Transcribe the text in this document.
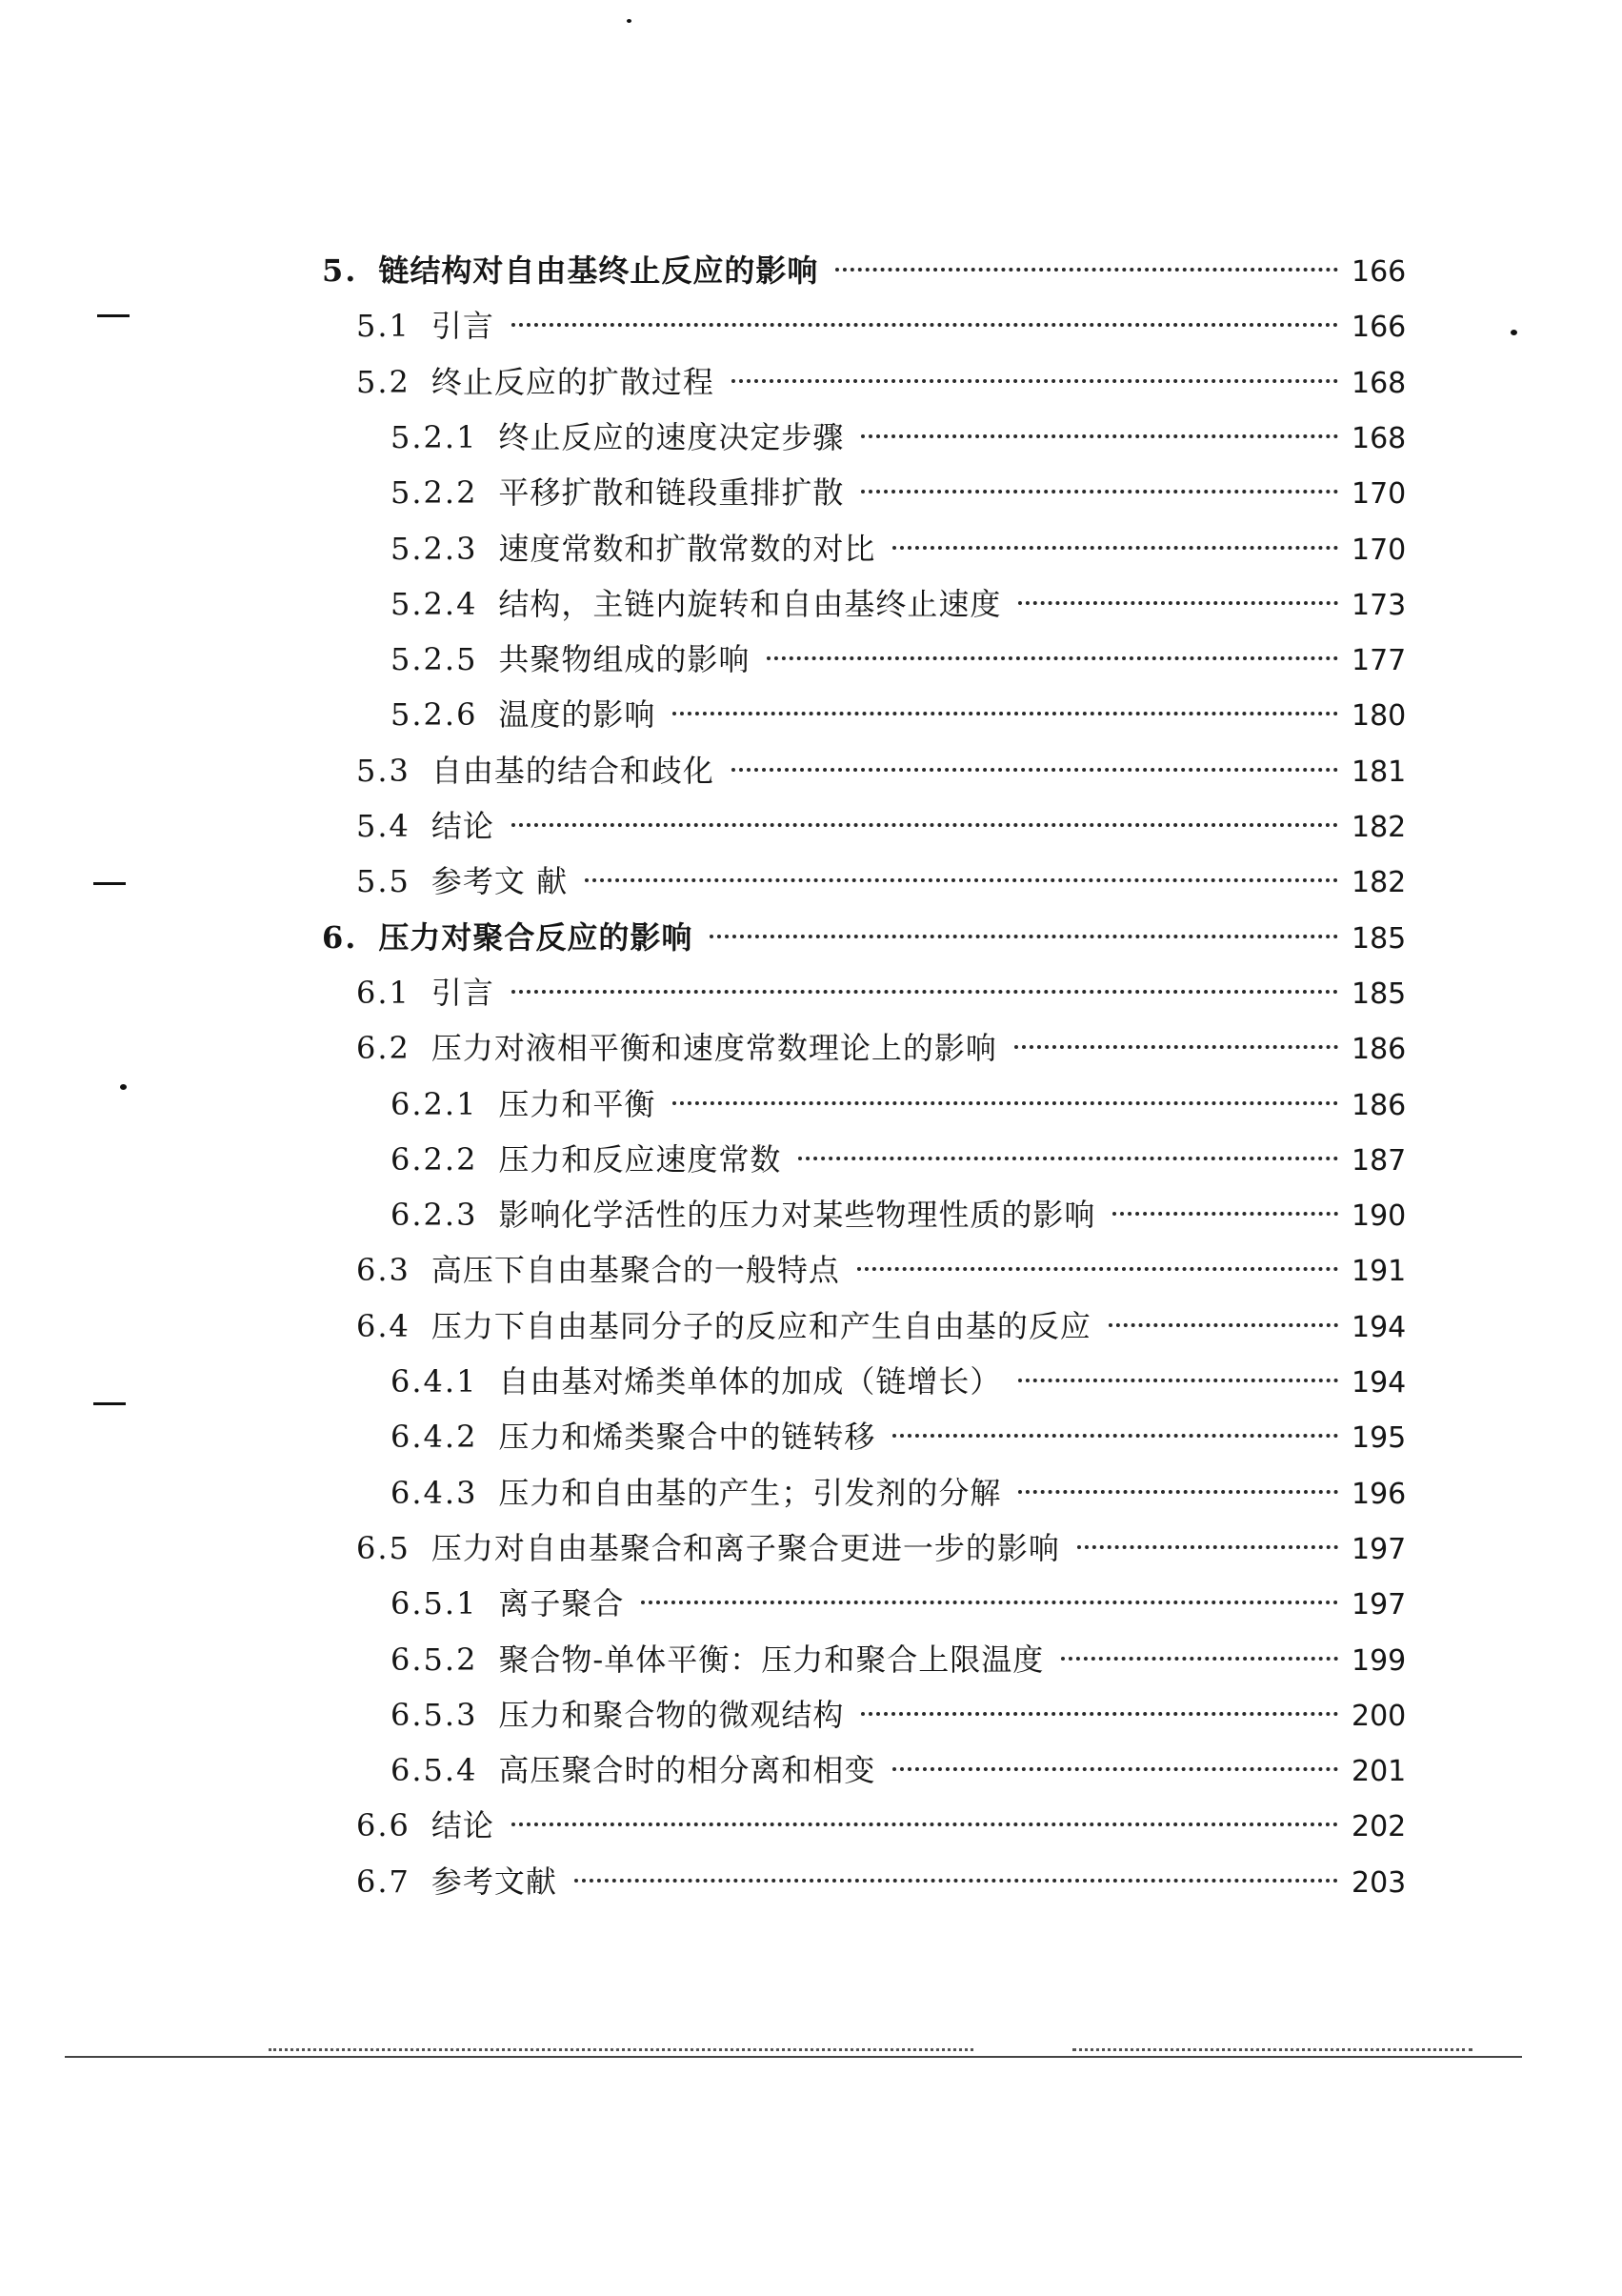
5. 链结构对自由基终止反应的影响	166
5.1 引言	166
5.2 终止反应的扩散过程	168
5.2.1 终止反应的速度决定步骤	168
5.2.2 平移扩散和链段重排扩散	170
5.2.3 速度常数和扩散常数的对比	170
5.2.4 结构，主链内旋转和自由基终止速度	173
5.2.5 共聚物组成的影响	177
5.2.6 温度的影响	180
5.3 自由基的结合和歧化	181
5.4 结论	182
5.5 参考文 献	182
6. 压力对聚合反应的影响	185
6.1 引言	185
6.2 压力对液相平衡和速度常数理论上的影响	186
6.2.1 压力和平衡	186
6.2.2 压力和反应速度常数	187
6.2.3 影响化学活性的压力对某些物理性质的影响	190
6.3 高压下自由基聚合的一般特点	191
6.4 压力下自由基同分子的反应和产生自由基的反应	194
6.4.1 自由基对烯类单体的加成（链增长）	194
6.4.2 压力和烯类聚合中的链转移	195
6.4.3 压力和自由基的产生；引发剂的分解	196
6.5 压力对自由基聚合和离子聚合更进一步的影响	197
6.5.1 离子聚合	197
6.5.2 聚合物-单体平衡：压力和聚合上限温度	199
6.5.3 压力和聚合物的微观结构	200
6.5.4 高压聚合时的相分离和相变	201
6.6 结论	202
6.7 参考文献	203
